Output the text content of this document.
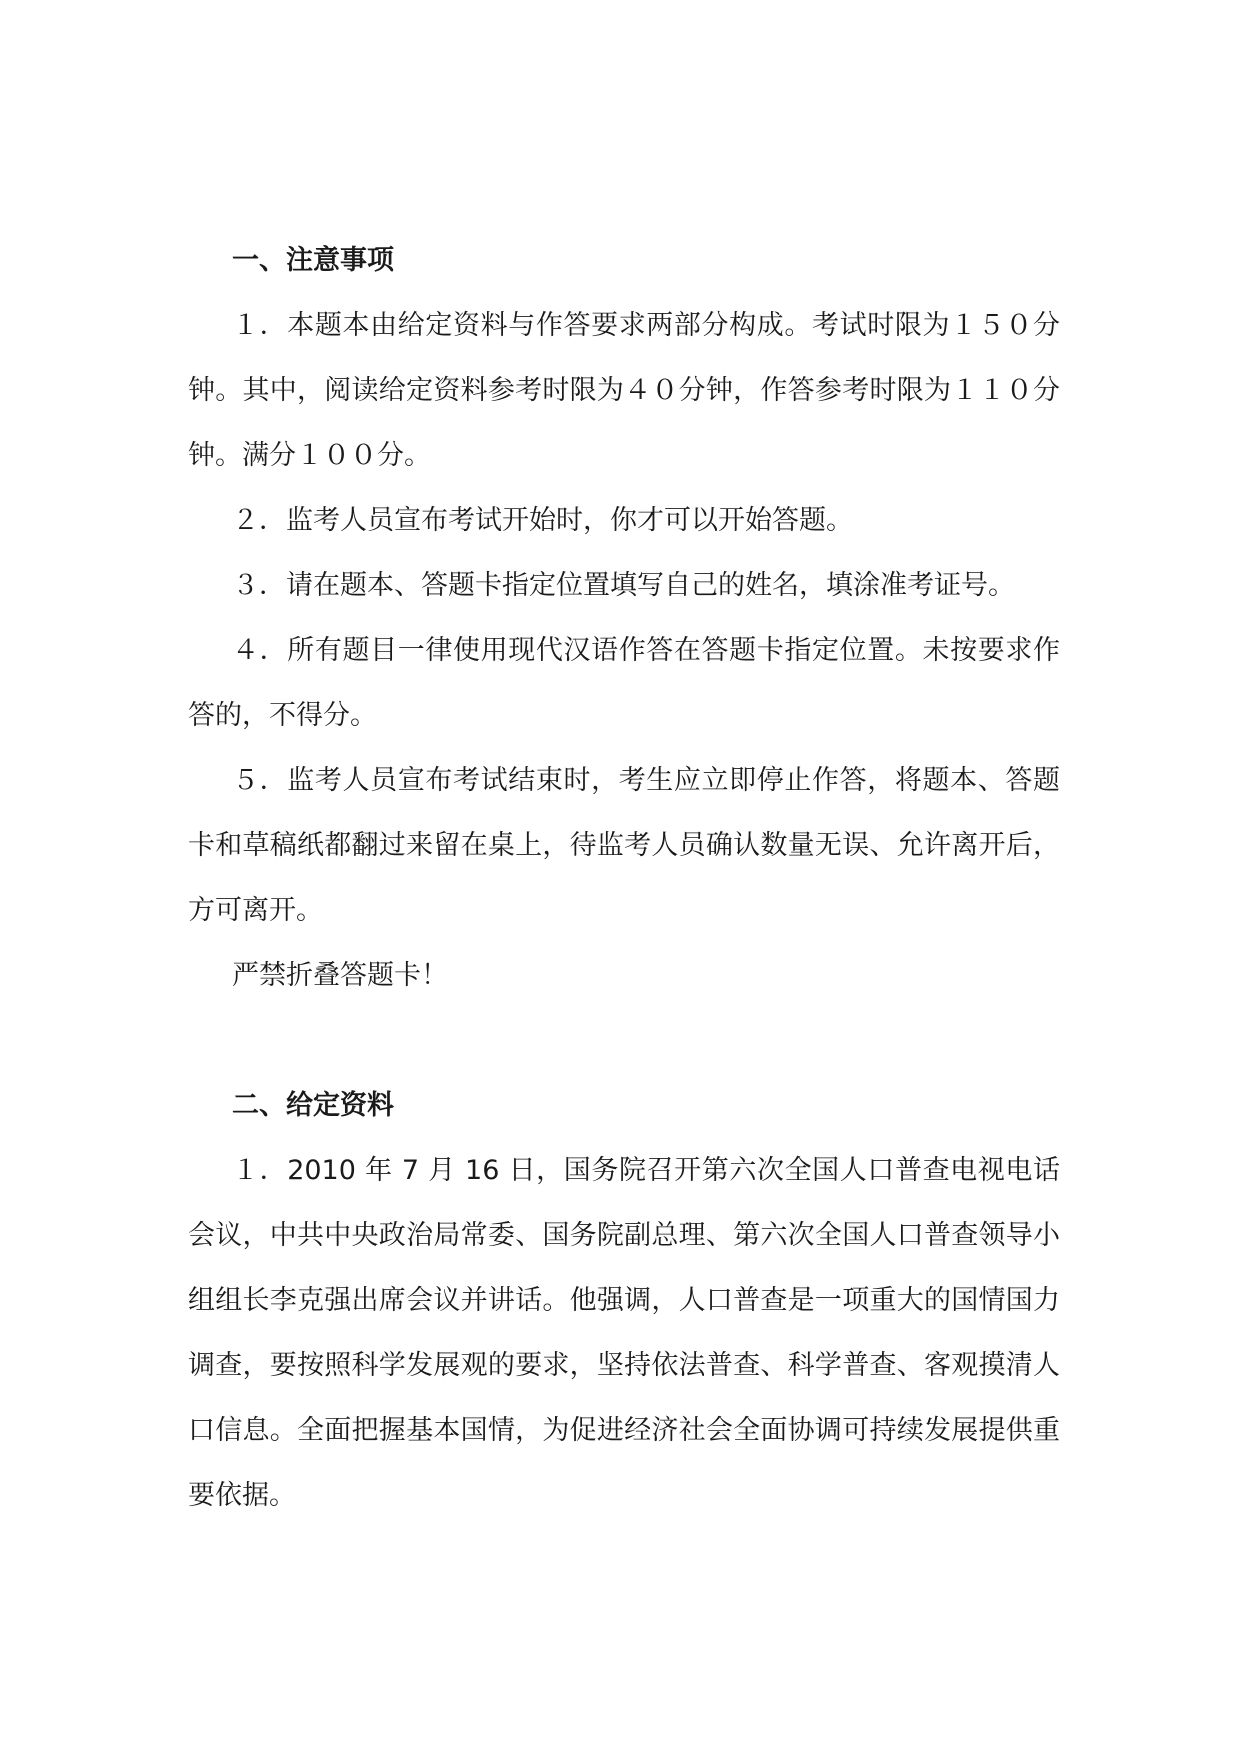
一、注意事项

１．本题本由给定资料与作答要求两部分构成。考试时限为１５０分钟。其中，阅读给定资料参考时限为４０分钟，作答参考时限为１１０分钟。满分１００分。

２．监考人员宣布考试开始时，你才可以开始答题。

３．请在题本、答题卡指定位置填写自己的姓名，填涂准考证号。

４．所有题目一律使用现代汉语作答在答题卡指定位置。未按要求作答的，不得分。

５．监考人员宣布考试结束时，考生应立即停止作答，将题本、答题卡和草稿纸都翻过来留在桌上，待监考人员确认数量无误、允许离开后，方可离开。

严禁折叠答题卡！

二、给定资料

１．2010 年 7 月 16 日，国务院召开第六次全国人口普查电视电话会议，中共中央政治局常委、国务院副总理、第六次全国人口普查领导小组组长李克强出席会议并讲话。他强调，人口普查是一项重大的国情国力调查，要按照科学发展观的要求，坚持依法普查、科学普查、客观摸清人口信息。全面把握基本国情，为促进经济社会全面协调可持续发展提供重要依据。
